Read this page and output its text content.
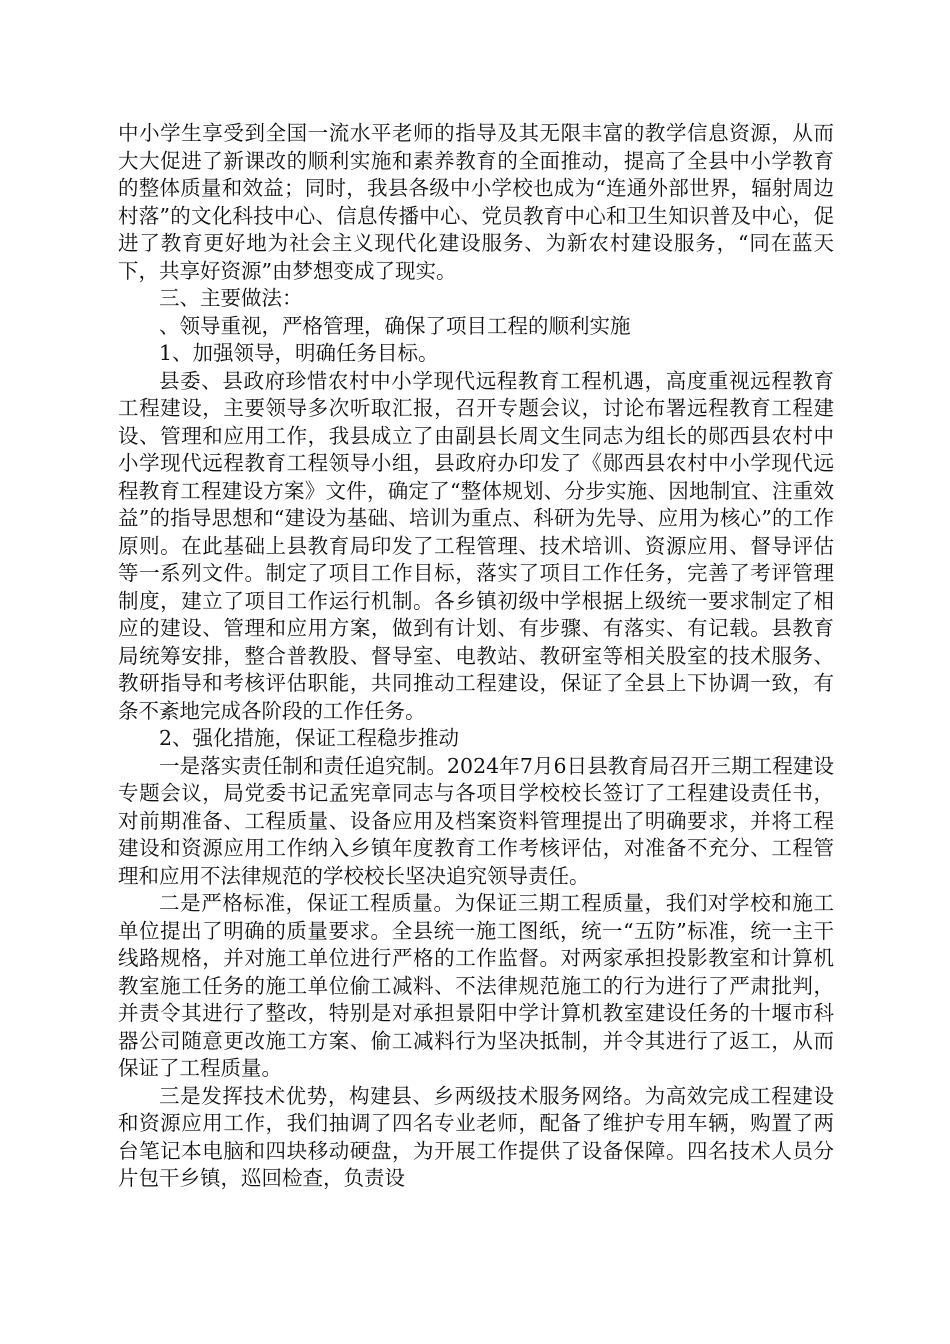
中小学生享受到全国一流水平老师的指导及其无限丰富的教学信息资源，从而大大促进了新课改的顺利实施和素养教育的全面推动，提高了全县中小学教育的整体质量和效益；同时，我县各级中小学校也成为“连通外部世界，辐射周边村落”的文化科技中心、信息传播中心、党员教育中心和卫生知识普及中心，促进了教育更好地为社会主义现代化建设服务、为新农村建设服务，“同在蓝天下，共享好资源”由梦想变成了现实。

三、主要做法：

、领导重视，严格管理，确保了项目工程的顺利实施

1、加强领导，明确任务目标。

县委、县政府珍惜农村中小学现代远程教育工程机遇，高度重视远程教育工程建设，主要领导多次听取汇报，召开专题会议，讨论布署远程教育工程建设、管理和应用工作，我县成立了由副县长周文生同志为组长的郧西县农村中小学现代远程教育工程领导小组，县政府办印发了《郧西县农村中小学现代远程教育工程建设方案》文件，确定了“整体规划、分步实施、因地制宜、注重效益”的指导思想和“建设为基础、培训为重点、科研为先导、应用为核心”的工作原则。在此基础上县教育局印发了工程管理、技术培训、资源应用、督导评估等一系列文件。制定了项目工作目标，落实了项目工作任务，完善了考评管理制度，建立了项目工作运行机制。各乡镇初级中学根据上级统一要求制定了相应的建设、管理和应用方案，做到有计划、有步骤、有落实、有记载。县教育局统筹安排，整合普教股、督导室、电教站、教研室等相关股室的技术服务、教研指导和考核评估职能，共同推动工程建设，保证了全县上下协调一致，有条不紊地完成各阶段的工作任务。

2、强化措施，保证工程稳步推动

一是落实责任制和责任追究制。2024年7月6日县教育局召开三期工程建设专题会议，局党委书记孟宪章同志与各项目学校校长签订了工程建设责任书，对前期准备、工程质量、设备应用及档案资料管理提出了明确要求，并将工程建设和资源应用工作纳入乡镇年度教育工作考核评估，对准备不充分、工程管理和应用不法律规范的学校校长坚决追究领导责任。

二是严格标准，保证工程质量。为保证三期工程质量，我们对学校和施工单位提出了明确的质量要求。全县统一施工图纸，统一“五防”标准，统一主干线路规格，并对施工单位进行严格的工作监督。对两家承担投影教室和计算机教室施工任务的施工单位偷工减料、不法律规范施工的行为进行了严肃批判，并责令其进行了整改，特别是对承担景阳中学计算机教室建设任务的十堰市科器公司随意更改施工方案、偷工减料行为坚决抵制，并令其进行了返工，从而保证了工程质量。

三是发挥技术优势，构建县、乡两级技术服务网络。为高效完成工程建设和资源应用工作，我们抽调了四名专业老师，配备了维护专用车辆，购置了两台笔记本电脑和四块移动硬盘，为开展工作提供了设备保障。四名技术人员分片包干乡镇，巡回检查，负责设
